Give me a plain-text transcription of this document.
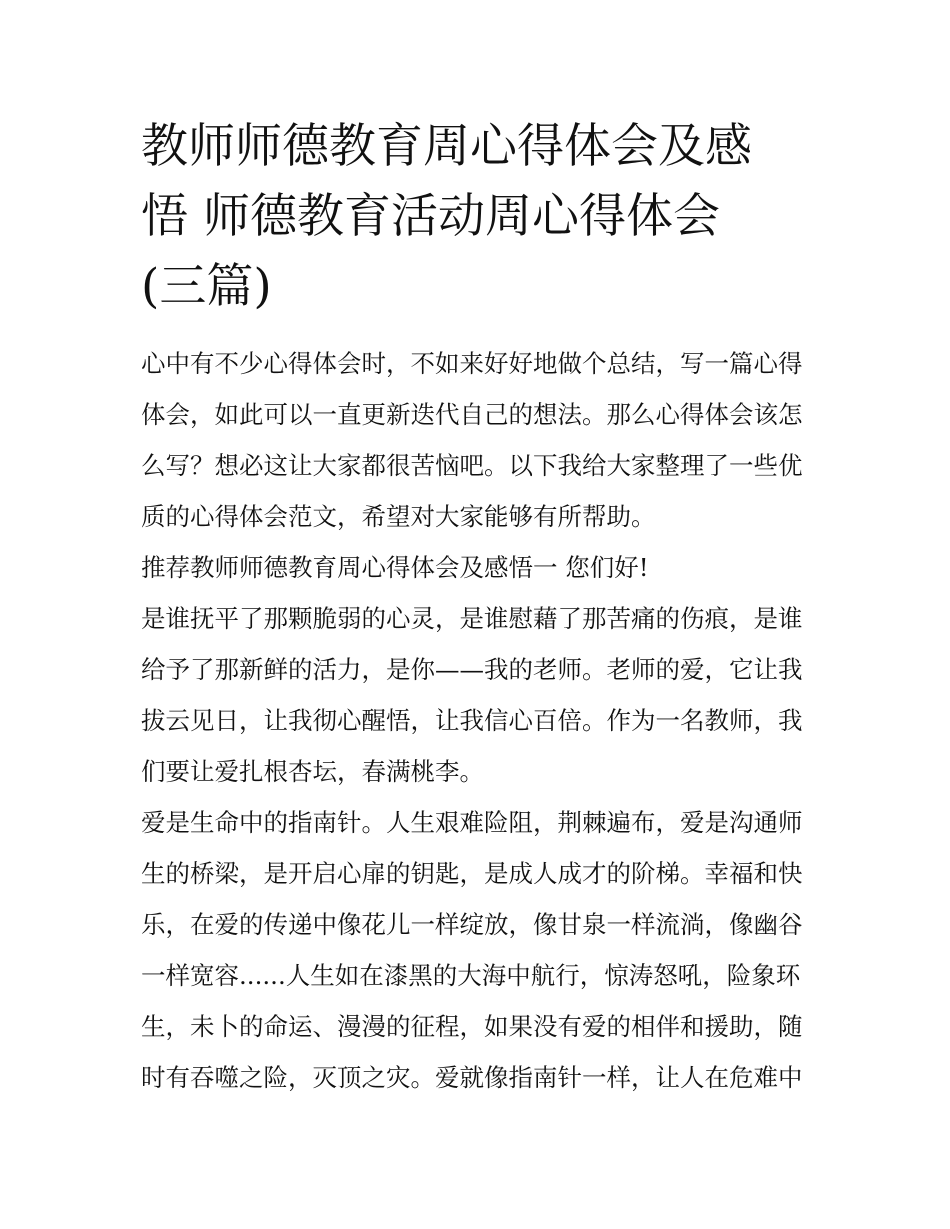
教师师德教育周心得体会及感
悟 师德教育活动周心得体会
(三篇)
心中有不少心得体会时，不如来好好地做个总结，写一篇心得
体会，如此可以一直更新迭代自己的想法。那么心得体会该怎
么写？想必这让大家都很苦恼吧。以下我给大家整理了一些优
质的心得体会范文，希望对大家能够有所帮助。
推荐教师师德教育周心得体会及感悟一 您们好!
是谁抚平了那颗脆弱的心灵，是谁慰藉了那苦痛的伤痕，是谁
给予了那新鲜的活力，是你——我的老师。老师的爱，它让我
拔云见日，让我彻心醒悟，让我信心百倍。作为一名教师，我
们要让爱扎根杏坛，春满桃李。
爱是生命中的指南针。人生艰难险阻，荆棘遍布，爱是沟通师
生的桥梁，是开启心扉的钥匙，是成人成才的阶梯。幸福和快
乐，在爱的传递中像花儿一样绽放，像甘泉一样流淌，像幽谷
一样宽容......人生如在漆黑的大海中航行，惊涛怒吼，险象环
生，未卜的命运、漫漫的征程，如果没有爱的相伴和援助，随
时有吞噬之险，灭顶之灾。爱就像指南针一样，让人在危难中
